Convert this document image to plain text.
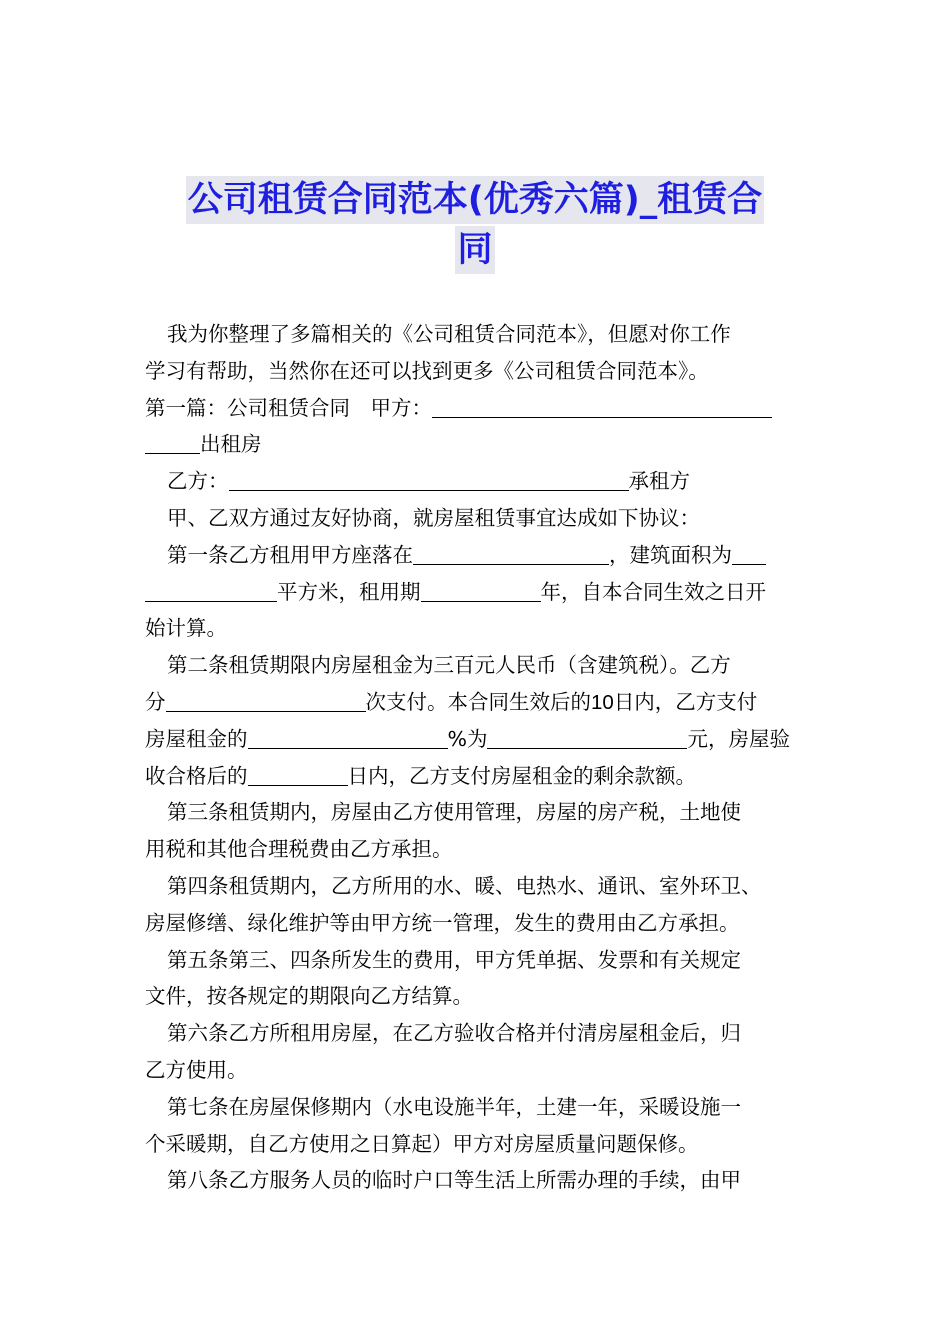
公司租赁合同范本(优秀六篇)_租赁合
同
我为你整理了多篇相关的《公司租赁合同范本》，但愿对你工作
学习有帮助，当然你在还可以找到更多《公司租赁合同范本》。
第一篇：公司租赁合同　甲方：
出租房
乙方：	承租方
甲、乙双方通过友好协商，就房屋租赁事宜达成如下协议：
第一条乙方租用甲方座落在	，建筑面积为
平方米，租用期	年，自本合同生效之日开
始计算。
第二条租赁期限内房屋租金为三百元人民币（含建筑税）。乙方
分	次支付。本合同生效后的10日内，乙方支付
房屋租金的	%为	元，房屋验
收合格后的	日内，乙方支付房屋租金的剩余款额。
第三条租赁期内，房屋由乙方使用管理，房屋的房产税，土地使
用税和其他合理税费由乙方承担。
第四条租赁期内，乙方所用的水、暖、电热水、通讯、室外环卫、
房屋修缮、绿化维护等由甲方统一管理，发生的费用由乙方承担。
第五条第三、四条所发生的费用，甲方凭单据、发票和有关规定
文件，按各规定的期限向乙方结算。
第六条乙方所租用房屋，在乙方验收合格并付清房屋租金后，归
乙方使用。
第七条在房屋保修期内（水电设施半年，土建一年，采暖设施一
个采暖期，自乙方使用之日算起）甲方对房屋质量问题保修。
第八条乙方服务人员的临时户口等生活上所需办理的手续，由甲
